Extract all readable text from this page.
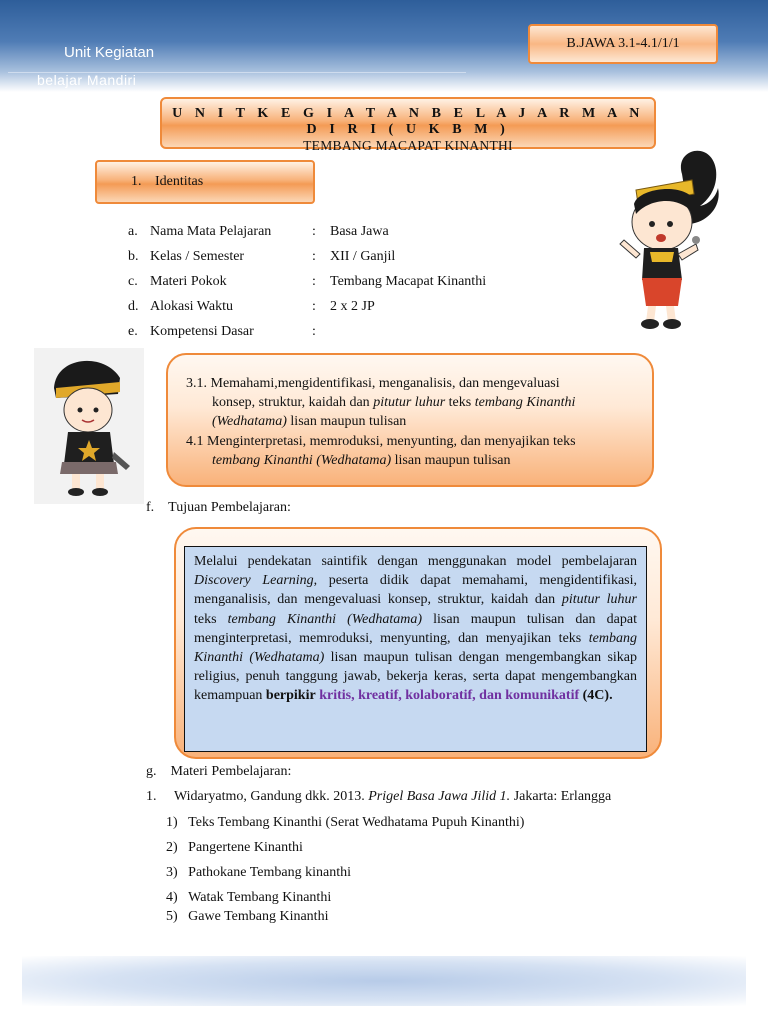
Unit Kegiatan
belajar Mandiri
B.JAWA 3.1-4.1/1/1
U N I T K E G I A T A N B E L A J A R M A N D I R I ( U K B M )
TEMBANG MACAPAT KINANTHI
1. Identitas
a. Nama Mata Pelajaran	:	Basa Jawa
b. Kelas / Semester	:	XII / Ganjil
c. Materi Pokok	:	Tembang Macapat Kinanthi
d. Alokasi Waktu	:	2 x 2 JP
e. Kompetensi Dasar	:
3.1. Memahami,mengidentifikasi, menganalisis, dan mengevaluasi
konsep, struktur, kaidah dan pitutur luhur teks tembang Kinanthi
(Wedhatama) lisan maupun tulisan
4.1 Menginterpretasi, memroduksi, menyunting, dan menyajikan teks
tembang Kinanthi (Wedhatama) lisan maupun tulisan
f. Tujuan Pembelajaran:
Melalui pendekatan saintifik dengan menggunakan model pembelajaran Discovery Learning, peserta didik dapat memahami, mengidentifikasi, menganalisis, dan mengevaluasi konsep, struktur, kaidah dan pitutur luhur teks tembang Kinanthi (Wedhatama) lisan maupun tulisan dan dapat menginterpretasi, memroduksi, menyunting, dan menyajikan teks tembang Kinanthi (Wedhatama) lisan maupun tulisan dengan mengembangkan sikap religius, penuh tanggung jawab, bekerja keras, serta dapat mengembangkan kemampuan berpikir kritis, kreatif, kolaboratif, dan komunikatif (4C).
g. Materi Pembelajaran:
1. Widaryatmo, Gandung dkk. 2013. Prigel Basa Jawa Jilid 1. Jakarta: Erlangga
1) Teks Tembang Kinanthi (Serat Wedhatama Pupuh Kinanthi)
2) Pangertene Kinanthi
3) Pathokane Tembang kinanthi
4) Watak Tembang Kinanthi
5) Gawe Tembang Kinanthi
